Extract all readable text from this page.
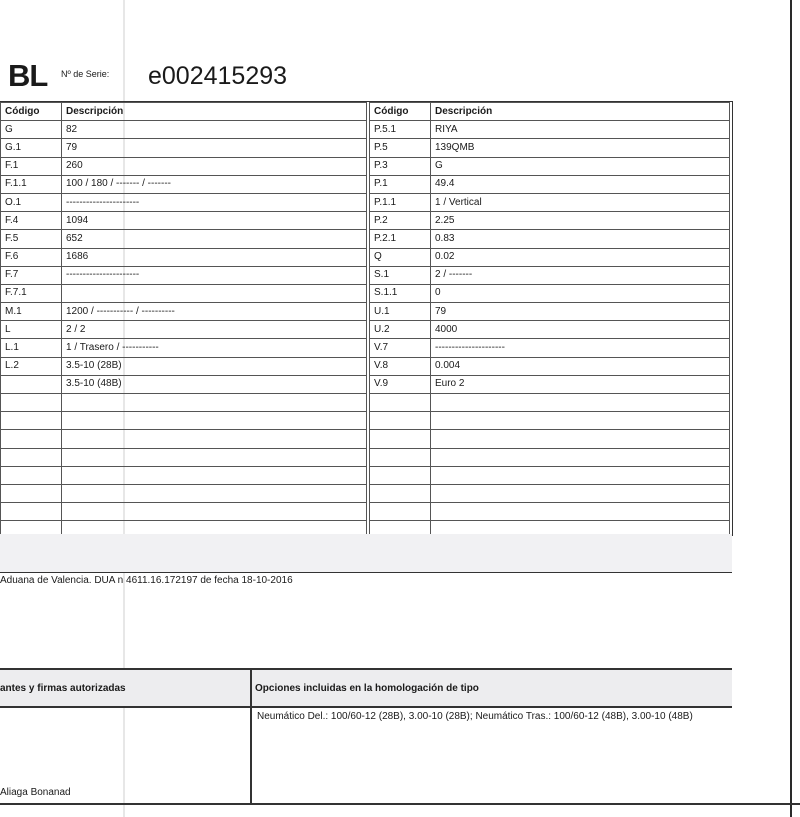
BL Nº de Serie: e002415293
Código	Descripción
G	82
G.1	79
F.1	260
F.1.1	100 / 180 / ------- / -------
O.1	----------------------
F.4	1094
F.5	652
F.6	1686
F.7	----------------------
F.7.1	
M.1	1200 / ----------- / ----------
L	2 / 2
L.1	1 / Trasero / -----------
L.2	3.5-10 (28B)
	3.5-10 (48B)

Código	Descripción
P.5.1	RIYA
P.5	139QMB
P.3	G
P.1	49.4
P.1.1	1 / Vertical
P.2	2.25
P.2.1	0.83
Q	0.02
S.1	2 / -------
S.1.1	0
U.1	79
U.2	4000
V.7	---------------------
V.8	0.004
V.9	Euro 2

Aduana de Valencia. DUA n 4611.16.172197 de fecha 18-10-2016
antes y firmas autorizadas	Opciones incluidas en la homologación de tipo
Neumático Del.: 100/60-12 (28B), 3.00-10 (28B); Neumático Tras.: 100/60-12 (48B), 3.00-10 (48B)
Aliaga Bonanad
